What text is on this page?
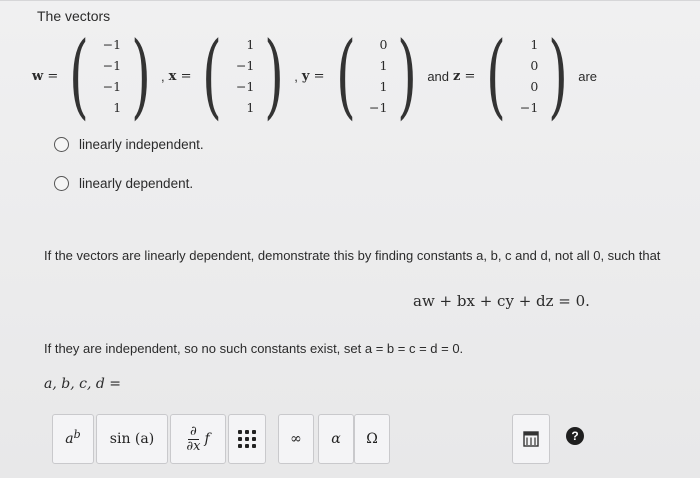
The vectors
w = ( −1
−1
−1
1 ) , x = ( 1
−1
−1
1 ) , y = ( 0
1
1
−1 ) and z = ( 1
0
0
−1 ) are
linearly independent.
linearly dependent.
If the vectors are linearly dependent, demonstrate this by finding constants a, b, c and d, not all 0, such that
aw + bx + cy + dz = 0.
If they are independent, so no such constants exist, set a = b = c = d = 0.
a, b, c, d =
$a^b$ $\sin (a) \frac{\partial}{\partial x}$ f	∞ α Ω	?
